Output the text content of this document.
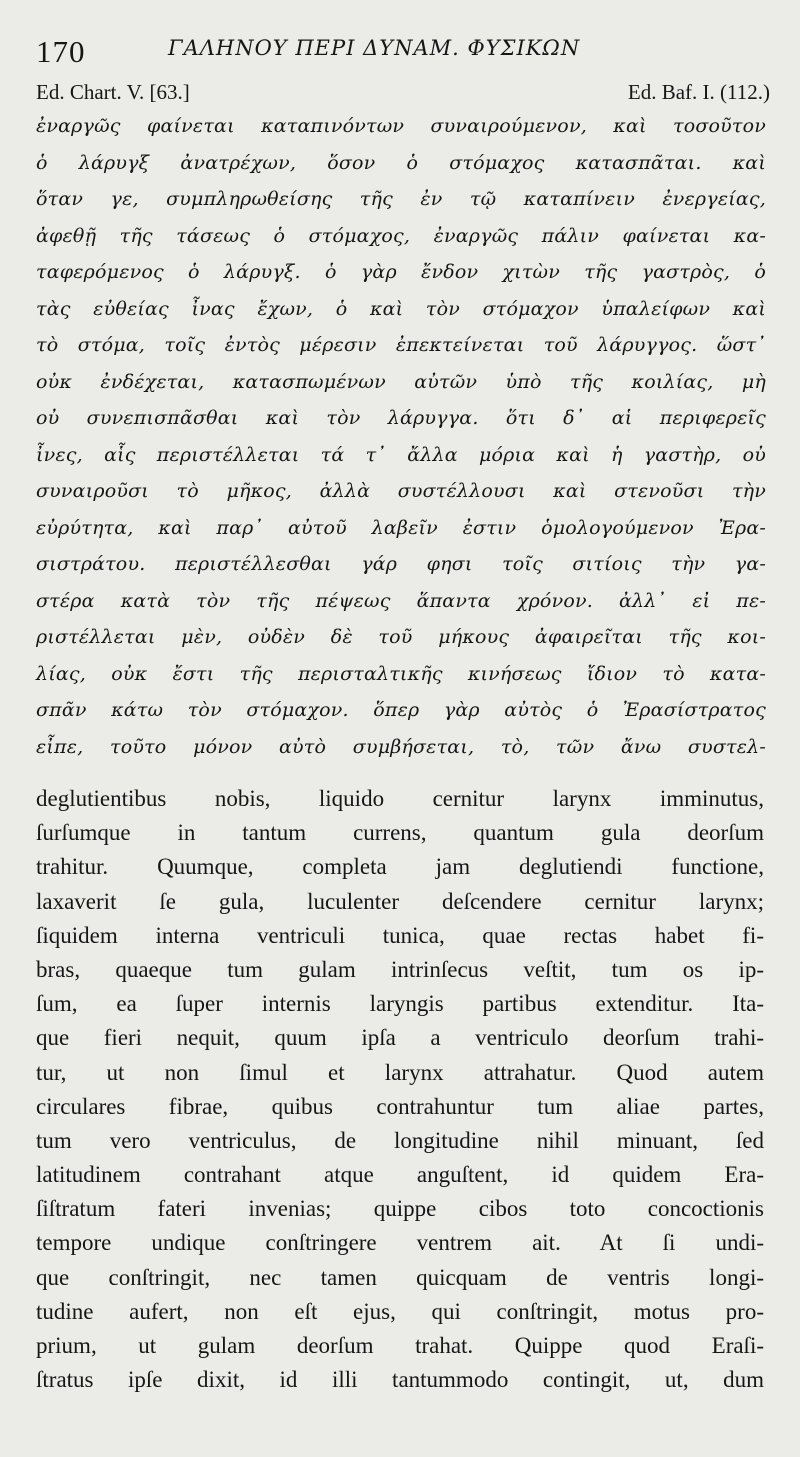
170	ΓΑΛΗΝΟΥ ΠΕΡΙ ΔΥΝΑΜ. ΦΥΣΙΚΩΝ
Ed. Chart. V. [63.]	Ed. Baf. I. (112.)
ἐναργῶς φαίνεται καταπινόντων συναιρούμενον, καὶ τοσοῦτον
ὁ λάρυγξ ἀνατρέχων, ὅσον ὁ στόμαχος κατασπᾶται. καὶ
ὅταν γε, συμπληρωθείσης τῆς ἐν τῷ καταπίνειν ἐνεργείας,
ἀφεθῇ τῆς τάσεως ὁ στόμαχος, ἐναργῶς πάλιν φαίνεται κα-
ταφερόμενος ὁ λάρυγξ. ὁ γὰρ ἔνδον χιτὼν τῆς γαστρὸς, ὁ
τὰς εὐθείας ἶνας ἔχων, ὁ καὶ τὸν στόμαχον ὑπαλείφων καὶ
τὸ στόμα, τοῖς ἐντὸς μέρεσιν ἐπεκτείνεται τοῦ λάρυγγος. ὥστ᾽
οὐκ ἐνδέχεται, κατασπωμένων αὐτῶν ὑπὸ τῆς κοιλίας, μὴ
οὐ συνεπισπᾶσθαι καὶ τὸν λάρυγγα. ὅτι δ᾽ αἱ περιφερεῖς
ἶνες, αἷς περιστέλλεται τά τ᾽ ἄλλα μόρια καὶ ἡ γαστὴρ, οὐ
συναιροῦσι τὸ μῆκος, ἀλλὰ συστέλλουσι καὶ στενοῦσι τὴν
εὐρύτητα, καὶ παρ᾽ αὐτοῦ λαβεῖν ἐστιν ὁμολογούμενον Ἐρα-
σιστράτου. περιστέλλεσθαι γάρ φησι τοῖς σιτίοις τὴν γα-
στέρα κατὰ τὸν τῆς πέψεως ἅπαντα χρόνον. ἀλλ᾽ εἰ πε-
ριστέλλεται μὲν, οὐδὲν δὲ τοῦ μήκους ἀφαιρεῖται τῆς κοι-
λίας, οὐκ ἔστι τῆς περισταλτικῆς κινήσεως ἴδιον τὸ κατα-
σπᾶν κάτω τὸν στόμαχον. ὅπερ γὰρ αὐτὸς ὁ Ἐρασίστρατος
εἶπε, τοῦτο μόνον αὐτὸ συμβήσεται, τὸ, τῶν ἄνω συστελ-
deglutientibus nobis, liquido cernitur larynx imminutus,
ſurſumque in tantum currens, quantum gula deorſum
trahitur. Quumque, completa jam deglutiendi functione,
laxaverit ſe gula, luculenter deſcendere cernitur larynx;
ſiquidem interna ventriculi tunica, quae rectas habet fi-
bras, quaeque tum gulam intrinſecus veſtit, tum os ip-
ſum, ea ſuper internis laryngis partibus extenditur. Ita-
que fieri nequit, quum ipſa a ventriculo deorſum trahi-
tur, ut non ſimul et larynx attrahatur. Quod autem
circulares fibrae, quibus contrahuntur tum aliae partes,
tum vero ventriculus, de longitudine nihil minuant, ſed
latitudinem contrahant atque anguſtent, id quidem Era-
ſiſtratum fateri invenias; quippe cibos toto concoctionis
tempore undique conſtringere ventrem ait. At ſi undi-
que conſtringit, nec tamen quicquam de ventris longi-
tudine aufert, non eſt ejus, qui conſtringit, motus pro-
prium, ut gulam deorſum trahat. Quippe quod Eraſi-
ſtratus ipſe dixit, id illi tantummodo contingit, ut, dum
